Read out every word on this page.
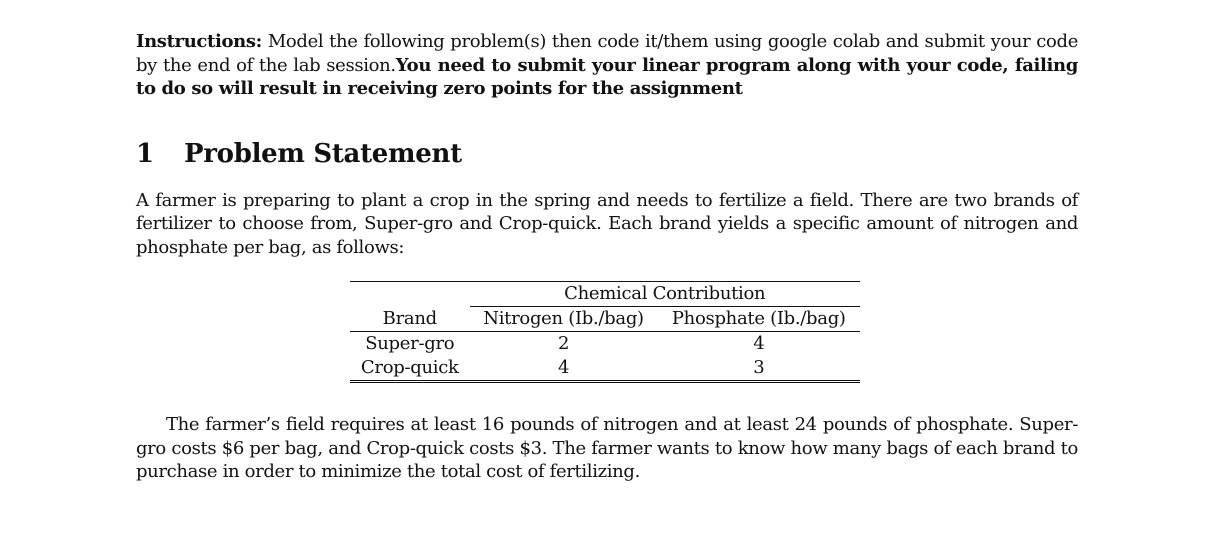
Instructions: Model the following problem(s) then code it/them using google colab and submit your code by the end of the lab session.You need to submit your linear program along with your code, failing to do so will result in receiving zero points for the assignment

1	Problem Statement

A farmer is preparing to plant a crop in the spring and needs to fertilize a field. There are two brands of fertilizer to choose from, Super-gro and Crop-quick. Each brand yields a specific amount of nitrogen and phosphate per bag, as follows:

	Chemical Contribution	
Brand	Nitrogen (Ib./bag)	Phosphate (Ib./bag)
Super-gro	2	4
Crop-quick	4	3

The farmer’s field requires at least 16 pounds of nitrogen and at least 24 pounds of phosphate. Super-gro costs $6 per bag, and Crop-quick costs $3. The farmer wants to know how many bags of each brand to purchase in order to minimize the total cost of fertilizing.
